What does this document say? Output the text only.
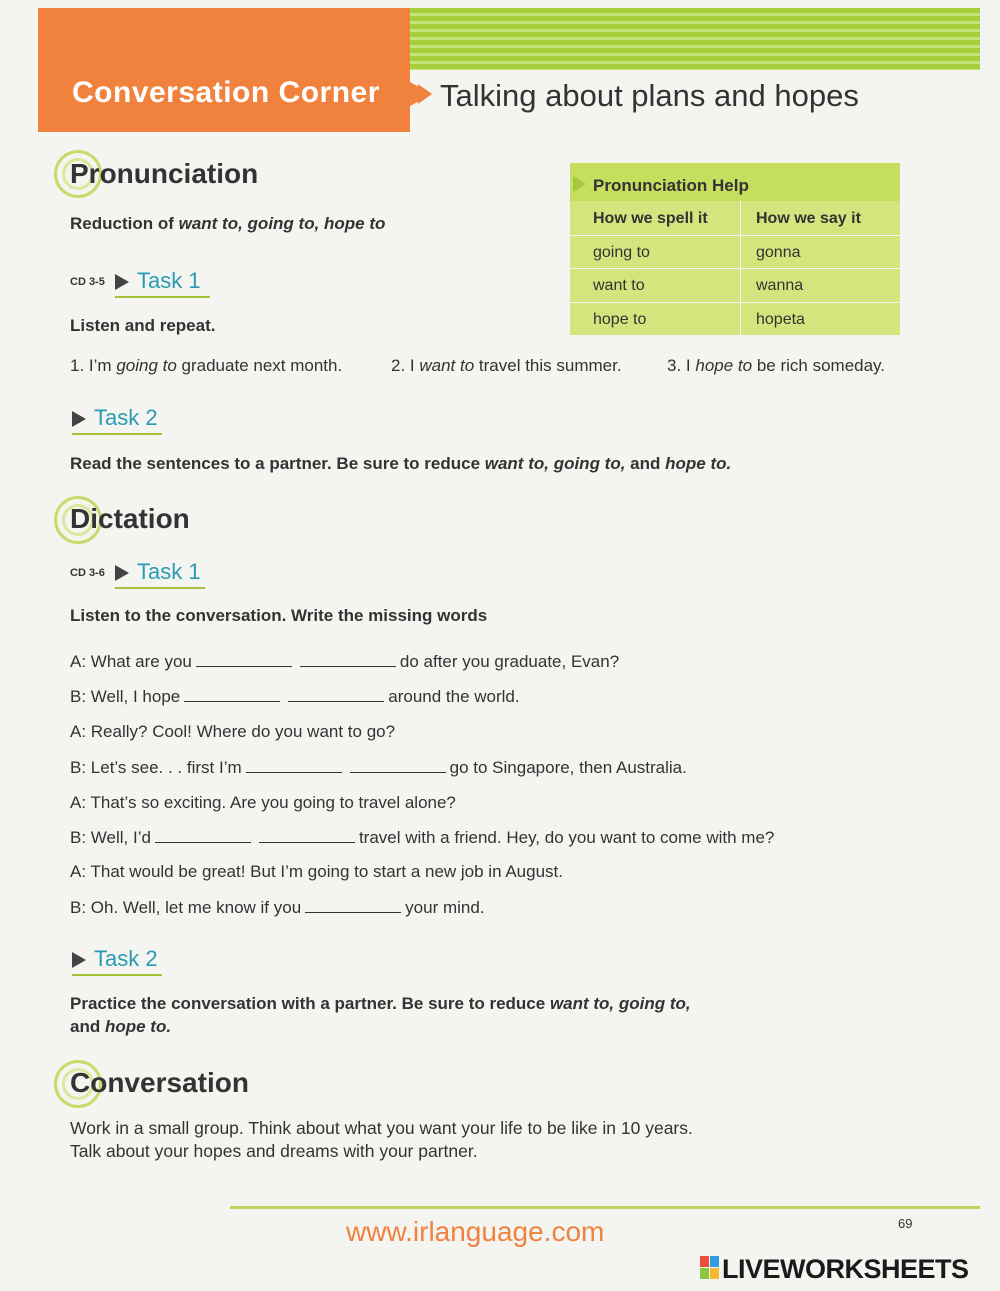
Conversation Corner Talking about plans and hopes
Pronunciation
Reduction of want to, going to, hope to
CD 3-5 Task 1
Listen and repeat.
1. I’m going to graduate next month.	2. I want to travel this summer.	3. I hope to be rich someday.
Task 2
Read the sentences to a partner. Be sure to reduce want to, going to, and hope to.
Pronunciation Help
How we spell it	How we say it
going to	gonna
want to	wanna
hope to	hopeta
Dictation
CD 3-6 Task 1
Listen to the conversation. Write the missing words
A: What are you	do after you graduate, Evan?
B: Well, I hope	around the world.
A: Really? Cool! Where do you want to go?
B: Let’s see. . . first I’m	go to Singapore, then Australia.
A: That’s so exciting. Are you going to travel alone?
B: Well, I’d	travel with a friend. Hey, do you want to come with me?
A: That would be great! But I’m going to start a new job in August.
B: Oh. Well, let me know if you	your mind.
Task 2
Practice the conversation with a partner. Be sure to reduce want to, going to,
and hope to.
Conversation
Work in a small group. Think about what you want your life to be like in 10 years.
Talk about your hopes and dreams with your partner.
www.irlanguage.com	69
LIVEWORKSHEETS
